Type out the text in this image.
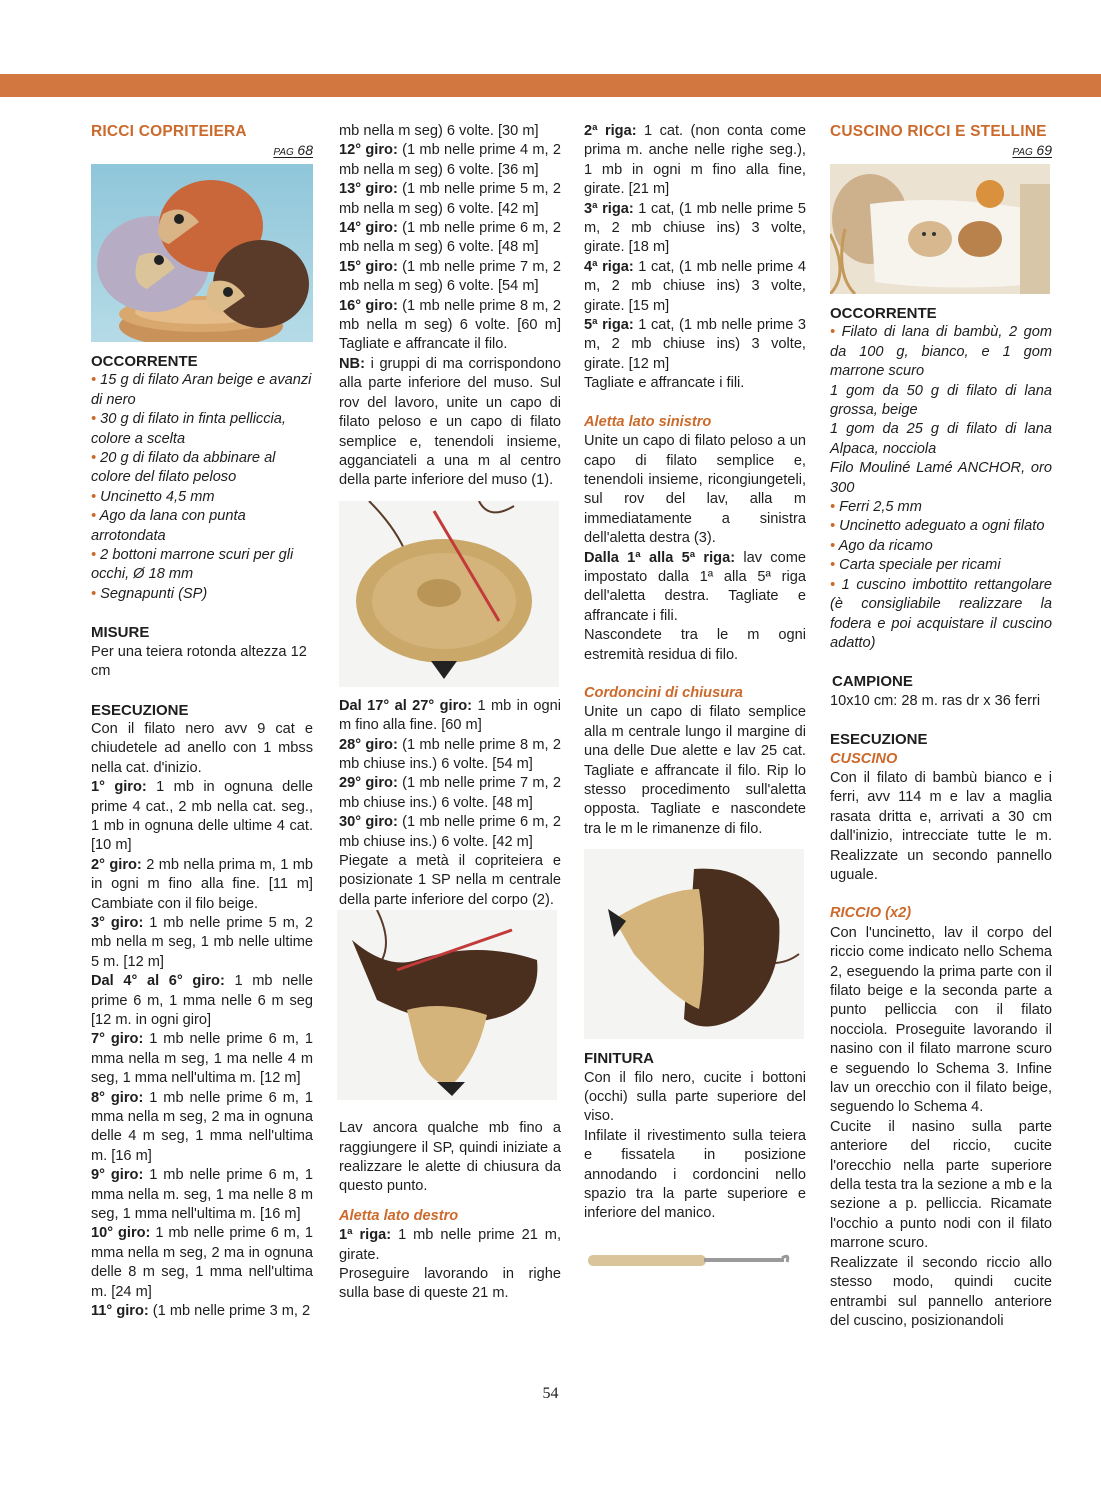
RICCI COPRITEIERA

PAG 68

OCCORRENTE

• 15 g di filato Aran beige e avanzi di nero

• 30 g di filato in finta pelliccia, colore a scelta

• 20 g di filato da abbinare al colore del filato peloso

• Uncinetto 4,5 mm

• Ago da lana con punta arrotondata

• 2 bottoni marrone scuri per gli occhi, Ø 18 mm

• Segnapunti (SP)

MISURE

Per una teiera rotonda altezza 12 cm

ESECUZIONE

Con il filato nero avv 9 cat e chiudetele ad anello con 1 mbss nella cat. d'inizio.

1° giro: 1 mb in ognuna delle prime 4 cat., 2 mb nella cat. seg., 1 mb in ognuna delle ultime 4 cat. [10 m]

2° giro: 2 mb nella prima m, 1 mb in ogni m fino alla fine. [11 m] Cambiate con il filo beige.

3° giro: 1 mb nelle prime 5 m, 2 mb nella m seg, 1 mb nelle ultime 5 m. [12 m]

Dal 4° al 6° giro: 1 mb nelle prime 6 m, 1 mma nelle 6 m seg [12 m. in ogni giro]

7° giro: 1 mb nelle prime 6 m, 1 mma nella m seg, 1 ma nelle 4 m seg, 1 mma nell'ultima m. [12 m]

8° giro: 1 mb nelle prime 6 m, 1 mma nella m seg, 2 ma in ognuna delle 4 m seg, 1 mma nell'ultima m. [16 m]

9° giro: 1 mb nelle prime 6 m, 1 mma nella m. seg, 1 ma nelle 8 m seg, 1 mma nell'ultima m. [16 m]

10° giro: 1 mb nelle prime 6 m, 1 mma nella m seg, 2 ma in ognuna delle 8 m seg, 1 mma nell'ultima m. [24 m]

11° giro: (1 mb nelle prime 3 m, 2

mb nella m seg) 6 volte. [30 m]

12° giro: (1 mb nelle prime 4 m, 2 mb nella m seg) 6 volte. [36 m]

13° giro: (1 mb nelle prime 5 m, 2 mb nella m seg) 6 volte. [42 m]

14° giro: (1 mb nelle prime 6 m, 2 mb nella m seg) 6 volte. [48 m]

15° giro: (1 mb nelle prime 7 m, 2 mb nella m seg) 6 volte. [54 m]

16° giro: (1 mb nelle prime 8 m, 2 mb nella m seg) 6 volte. [60 m] Tagliate e affrancate il filo.

NB: i gruppi di ma corrispondono alla parte inferiore del muso. Sul rov del lavoro, unite un capo di filato peloso e un capo di filato semplice e, tenendoli insieme, agganciateli a una m al centro della parte inferiore del muso (1).

Dal 17° al 27° giro: 1 mb in ogni m fino alla fine. [60 m]

28° giro: (1 mb nelle prime 8 m, 2 mb chiuse ins.) 6 volte. [54 m]

29° giro: (1 mb nelle prime 7 m, 2 mb chiuse ins.) 6 volte. [48 m]

30° giro: (1 mb nelle prime 6 m, 2 mb chiuse ins.) 6 volte. [42 m]

Piegate a metà il copriteiera e posizionate 1 SP nella m centrale della parte inferiore del corpo (2).

Lav ancora qualche mb fino a raggiungere il SP, quindi iniziate a realizzare le alette di chiusura da questo punto.

Aletta lato destro

1ª riga: 1 mb nelle prime 21 m, girate.

Proseguire lavorando in righe sulla base di queste 21 m.

2ª riga: 1 cat. (non conta come prima m. anche nelle righe seg.), 1 mb in ogni m fino alla fine, girate. [21 m]

3ª riga: 1 cat, (1 mb nelle prime 5 m, 2 mb chiuse ins) 3 volte, girate. [18 m]

4ª riga: 1 cat, (1 mb nelle prime 4 m, 2 mb chiuse ins) 3 volte, girate. [15 m]

5ª riga: 1 cat, (1 mb nelle prime 3 m, 2 mb chiuse ins) 3 volte, girate. [12 m]

Tagliate e affrancate i fili.

Aletta lato sinistro

Unite un capo di filato peloso a un capo di filato semplice e, tenendoli insieme, ricongiungeteli, sul rov del lav, alla m immediatamente a sinistra dell'aletta destra (3).

Dalla 1ª alla 5ª riga: lav come impostato dalla 1ª alla 5ª riga dell'aletta destra. Tagliate e affrancate i fili.

Nascondete tra le m ogni estremità residua di filo.

Cordoncini di chiusura

Unite un capo di filato semplice alla m centrale lungo il margine di una delle Due alette e lav 25 cat. Tagliate e affrancate il filo. Rip lo stesso procedimento sull'aletta opposta. Tagliate e nascondete tra le m le rimanenze di filo.

FINITURA

Con il filo nero, cucite i bottoni (occhi) sulla parte superiore del viso.

Infilate il rivestimento sulla teiera e fissatela in posizione annodando i cordoncini nello spazio tra la parte superiore e inferiore del manico.

CUSCINO RICCI E STELLINE

PAG 69

OCCORRENTE

• Filato di lana di bambù, 2 gom da 100 g, bianco, e 1 gom marrone scuro

1 gom da 50 g di filato di lana grossa, beige

1 gom da 25 g di filato di lana Alpaca, nocciola

Filo Mouliné Lamé ANCHOR, oro 300

• Ferri 2,5 mm

• Uncinetto adeguato a ogni filato

• Ago da ricamo

• Carta speciale per ricami

• 1 cuscino imbottito rettangolare (è consigliabile realizzare la fodera e poi acquistare il cuscino adatto)

CAMPIONE

10x10 cm: 28 m. ras dr x 36 ferri

ESECUZIONE

CUSCINO

Con il filato di bambù bianco e i ferri, avv 114 m e lav a maglia rasata dritta e, arrivati a 30 cm dall'inizio, intrecciate tutte le m. Realizzate un secondo pannello uguale.

RICCIO (x2)

Con l'uncinetto, lav il corpo del riccio come indicato nello Schema 2, eseguendo la prima parte con il filato beige e la seconda parte a punto pelliccia con il filato nocciola. Proseguite lavorando il nasino con il filato marrone scuro e seguendo lo Schema 3. Infine lav un orecchio con il filato beige, seguendo lo Schema 4.

Cucite il nasino sulla parte anteriore del riccio, cucite l'orecchio nella parte superiore della testa tra la sezione a mb e la sezione a p. pelliccia. Ricamate l'occhio a punto nodi con il filato marrone scuro.

Realizzate il secondo riccio allo stesso modo, quindi cucite entrambi sul pannello anteriore del cuscino, posizionandoli

54
